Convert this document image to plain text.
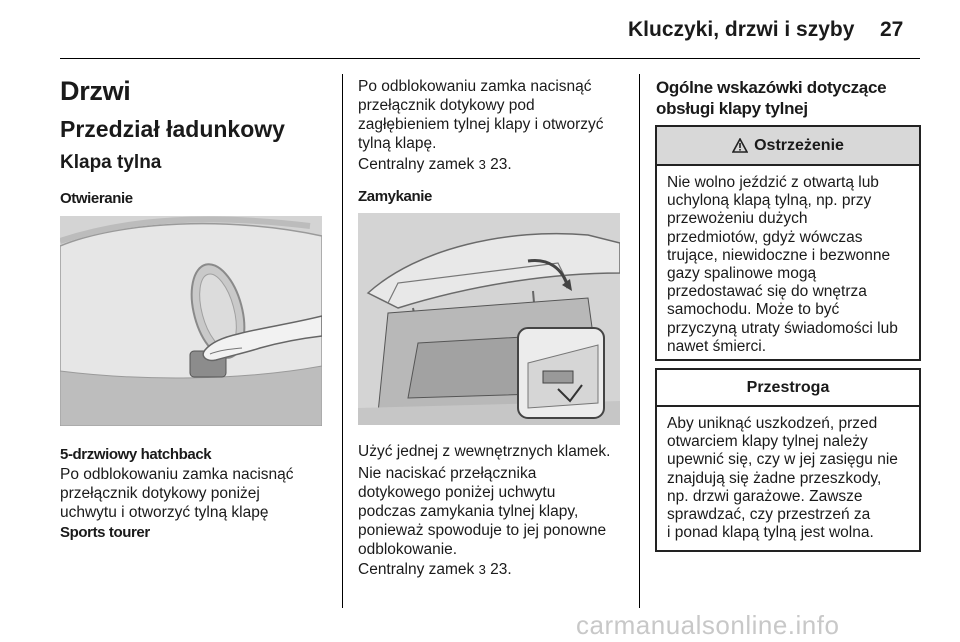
Kluczyki, drzwi i szyby 27
Drzwi
Przedział ładunkowy
Klapa tylna
Otwieranie
5-drzwiowy hatchback
Po odblokowaniu zamka nacisnąć
przełącznik dotykowy poniżej
uchwytu i otworzyć tylną klapę
Sports tourer
Po odblokowaniu zamka nacisnąć
przełącznik dotykowy pod
zagłębieniem tylnej klapy i otworzyć
tylną klapę.
Centralny zamek 3 23.
Zamykanie
Użyć jednej z wewnętrznych klamek.
Nie naciskać przełącznika
dotykowego poniżej uchwytu
podczas zamykania tylnej klapy,
ponieważ spowoduje to jej ponowne
odblokowanie.
Centralny zamek 3 23.
Ogólne wskazówki dotyczące
obsługi klapy tylnej
Ostrzeżenie
Nie wolno jeździć z otwartą lub
uchyloną klapą tylną, np. przy
przewożeniu dużych
przedmiotów, gdyż wówczas
trujące, niewidoczne i bezwonne
gazy spalinowe mogą
przedostawać się do wnętrza
samochodu. Może to być
przyczyną utraty świadomości lub
nawet śmierci.
Przestroga
Aby uniknąć uszkodzeń, przed
otwarciem klapy tylnej należy
upewnić się, czy w jej zasięgu nie
znajdują się żadne przeszkody,
np. drzwi garażowe. Zawsze
sprawdzać, czy przestrzeń za
i ponad klapą tylną jest wolna.
carmanualsonline.info
